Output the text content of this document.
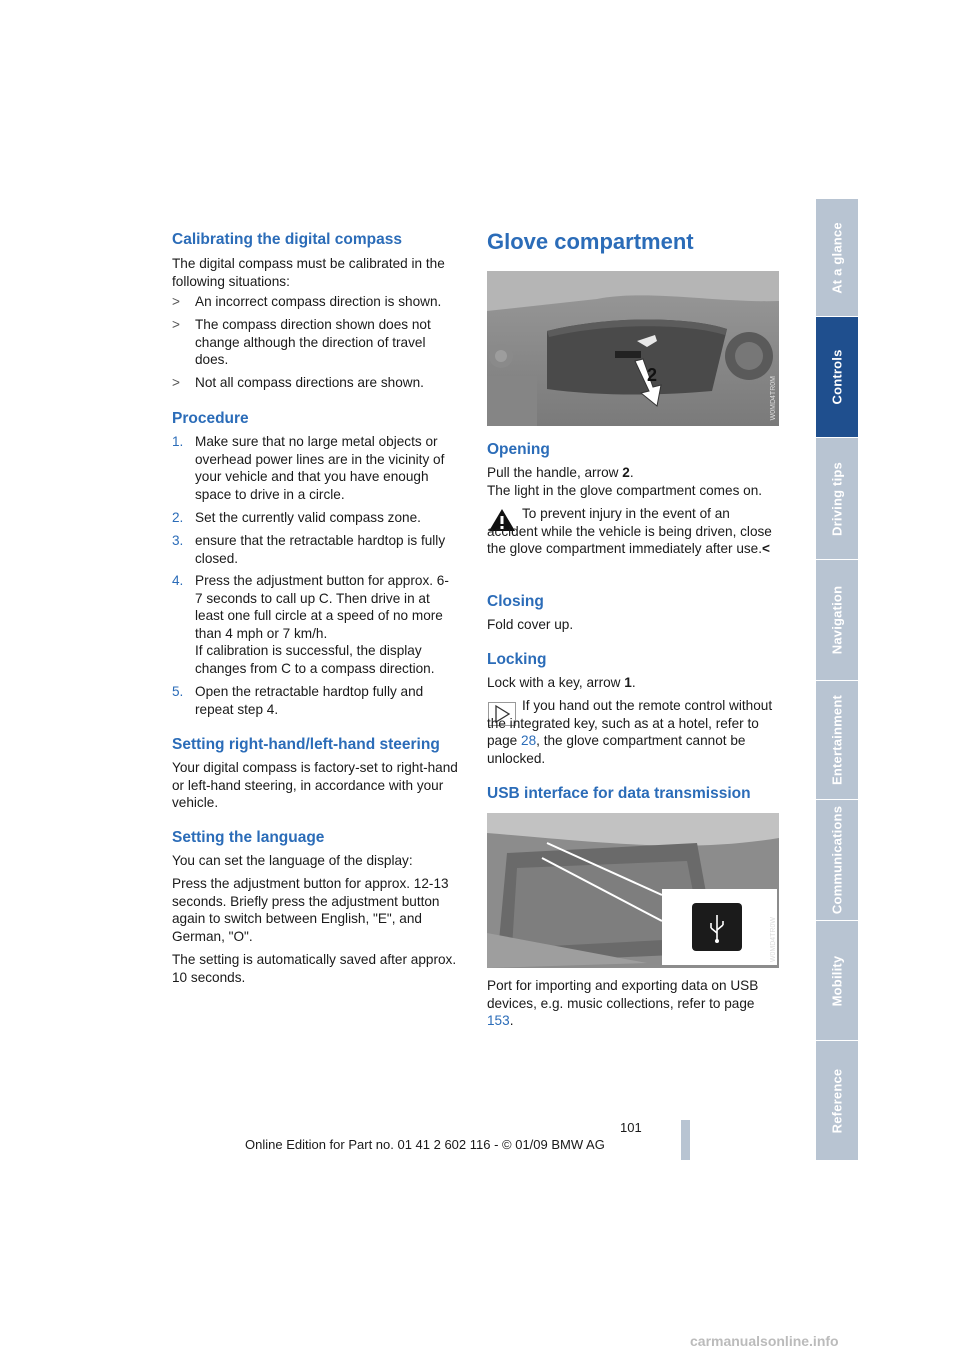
Calibrating the digital compass
The digital compass must be calibrated in the following situations:
> An incorrect compass direction is shown.
> The compass direction shown does not change although the direction of travel does.
> Not all compass directions are shown.
Procedure
1. Make sure that no large metal objects or overhead power lines are in the vicinity of your vehicle and that you have enough space to drive in a circle.
2. Set the currently valid compass zone.
3. ensure that the retractable hardtop is fully closed.
4. Press the adjustment button for approx. 6-7 seconds to call up C. Then drive in at least one full circle at a speed of no more than 4 mph or 7 km/h.
If calibration is successful, the display changes from C to a compass direction.
5. Open the retractable hardtop fully and repeat step 4.
Setting right-hand/left-hand steering
Your digital compass is factory-set to right-hand or left-hand steering, in accordance with your vehicle.
Setting the language
You can set the language of the display:
Press the adjustment button for approx. 12-13 seconds. Briefly press the adjustment button again to switch between English, "E", and German, "O".
The setting is automatically saved after approx. 10 seconds.
Glove compartment
2
W0MD4TR0M
Opening
Pull the handle, arrow 2.
The light in the glove compartment comes on.
To prevent injury in the event of an accident while the vehicle is being driven, close the glove compartment immediately after use.<
Closing
Fold cover up.
Locking
Lock with a key, arrow 1.
If you hand out the remote control without the integrated key, such as at a hotel, refer to page 28, the glove compartment cannot be unlocked.
USB interface for data transmission
W0MD4TR0W
Port for importing and exporting data on USB devices, e.g. music collections, refer to page 153.
At a glance
Controls
Driving tips
Navigation
Entertainment
Communications
Mobility
Reference
101
Online Edition for Part no. 01 41 2 602 116 - © 01/09 BMW AG
carmanualsonline.info
